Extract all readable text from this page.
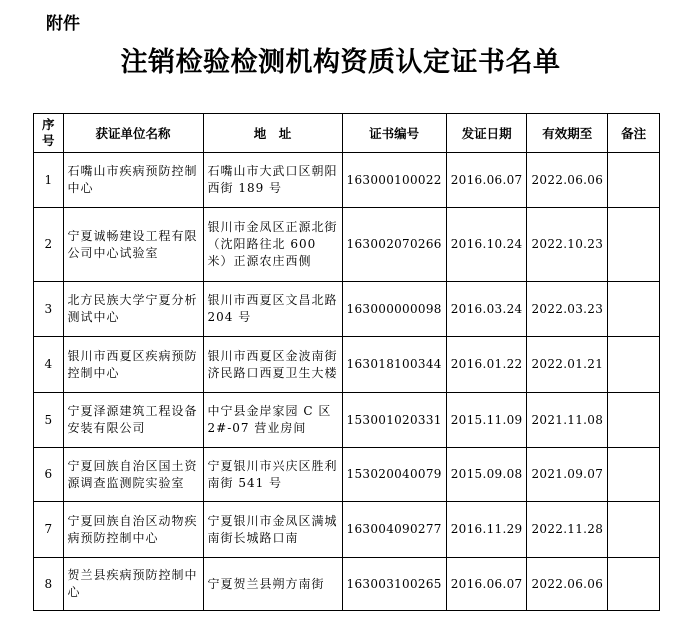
附件
注销检验检测机构资质认定证书名单
序号	获证单位名称	地　址	证书编号	发证日期	有效期至	备注
1	石嘴山市疾病预防控制中心	石嘴山市大武口区朝阳西街 189 号	163000100022	2016.06.07	2022.06.06	
2	宁夏诚畅建设工程有限公司中心试验室	银川市金凤区正源北街（沈阳路往北 600 米）正源农庄西侧	163002070266	2016.10.24	2022.10.23	
3	北方民族大学宁夏分析测试中心	银川市西夏区文昌北路 204 号	163000000098	2016.03.24	2022.03.23	
4	银川市西夏区疾病预防控制中心	银川市西夏区金波南街济民路口西夏卫生大楼	163018100344	2016.01.22	2022.01.21	
5	宁夏泽源建筑工程设备安装有限公司	中宁县金岸家园 C 区 2#-07 营业房间	153001020331	2015.11.09	2021.11.08	
6	宁夏回族自治区国土资源调查监测院实验室	宁夏银川市兴庆区胜利南街 541 号	153020040079	2015.09.08	2021.09.07	
7	宁夏回族自治区动物疾病预防控制中心	宁夏银川市金凤区满城南街长城路口南	163004090277	2016.11.29	2022.11.28	
8	贺兰县疾病预防控制中心	宁夏贺兰县朔方南街	163003100265	2016.06.07	2022.06.06	
